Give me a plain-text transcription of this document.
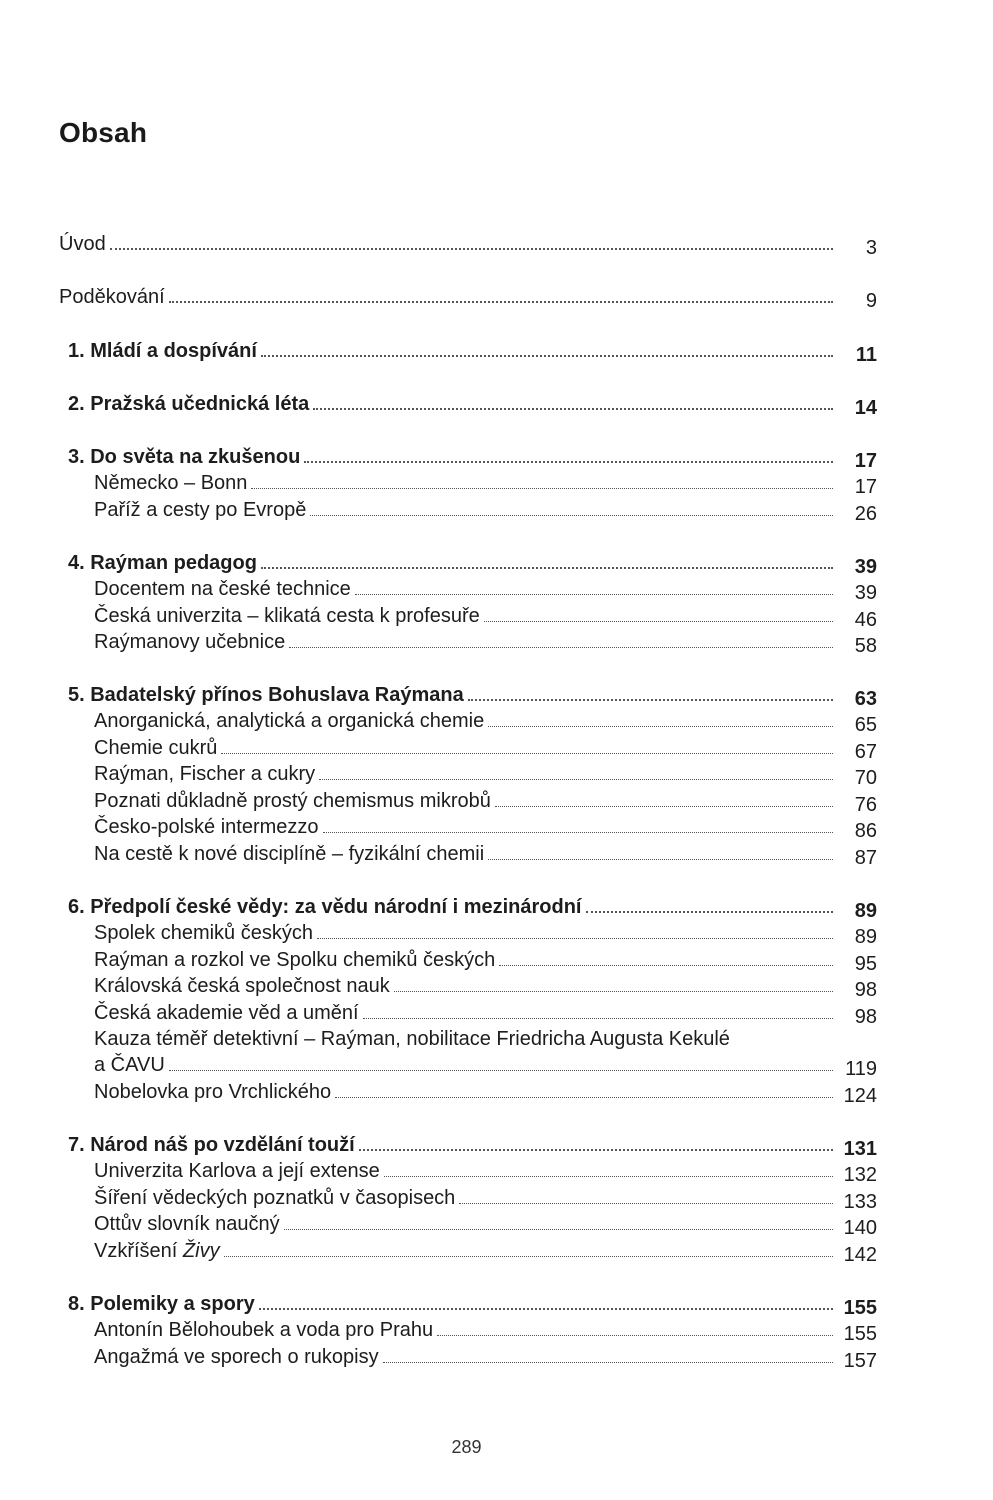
Obsah
Úvod	3
Poděkování	9
1. Mládí a dospívání	11
2. Pražská učednická léta	14
3. Do světa na zkušenou	17
Německo – Bonn	17
Paříž a cesty po Evropě	26
4. Raýman pedagog	39
Docentem na české technice	39
Česká univerzita – klikatá cesta k profesuře	46
Raýmanovy učebnice	58
5. Badatelský přínos Bohuslava Raýmana	63
Anorganická, analytická a organická chemie	65
Chemie cukrů	67
Raýman, Fischer a cukry	70
Poznati důkladně prostý chemismus mikrobů	76
Česko-polské intermezzo	86
Na cestě k nové disciplíně – fyzikální chemii	87
6. Předpolí české vědy: za vědu národní i mezinárodní	89
Spolek chemiků českých	89
Raýman a rozkol ve Spolku chemiků českých	95
Královská česká společnost nauk	98
Česká akademie věd a umění	98
Kauza téměř detektivní – Raýman, nobilitace Friedricha Augusta Kekulé
a ČAVU	119
Nobelovka pro Vrchlického	124
7. Národ náš po vzdělání touží	131
Univerzita Karlova a její extense	132
Šíření vědeckých poznatků v časopisech	133
Ottův slovník naučný	140
Vzkříšení Živy	142
8. Polemiky a spory	155
Antonín Bělohoubek a voda pro Prahu	155
Angažmá ve sporech o rukopisy	157
289
